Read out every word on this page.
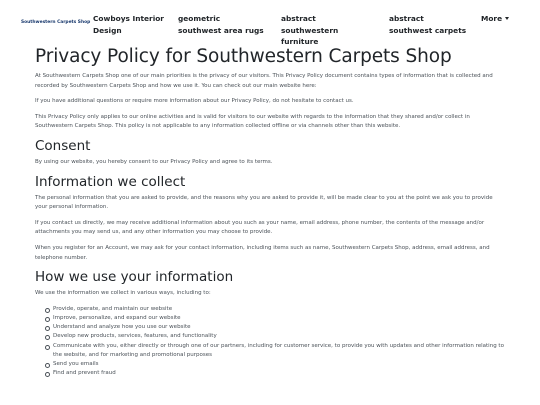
Southwestern Carpets Shop Cowboys Interior Design
geometric southwest area rugs
abstract southwestern furniture
abstract southwest carpets
More
Privacy Policy for Southwestern Carpets Shop

At Southwestern Carpets Shop one of our main priorities is the privacy of our visitors. This Privacy Policy document contains types of information that is collected and recorded by Southwestern Carpets Shop and how we use it. You can check out our main website here:

If you have additional questions or require more information about our Privacy Policy, do not hesitate to contact us.

This Privacy Policy only applies to our online activities and is valid for visitors to our website with regards to the information that they shared and/or collect in Southwestern Carpets Shop. This policy is not applicable to any information collected offline or via channels other than this website.

Consent

By using our website, you hereby consent to our Privacy Policy and agree to its terms.

Information we collect

The personal information that you are asked to provide, and the reasons why you are asked to provide it, will be made clear to you at the point we ask you to provide your personal information.

If you contact us directly, we may receive additional information about you such as your name, email address, phone number, the contents of the message and/or attachments you may send us, and any other information you may choose to provide.

When you register for an Account, we may ask for your contact information, including items such as name, Southwestern Carpets Shop, address, email address, and telephone number.

How we use your information

We use the information we collect in various ways, including to:

Provide, operate, and maintain our website
Improve, personalize, and expand our website
Understand and analyze how you use our website
Develop new products, services, features, and functionality
Communicate with you, either directly or through one of our partners, including for customer service, to provide you with updates and other information relating to the website, and for marketing and promotional purposes
Send you emails
Find and prevent fraud
